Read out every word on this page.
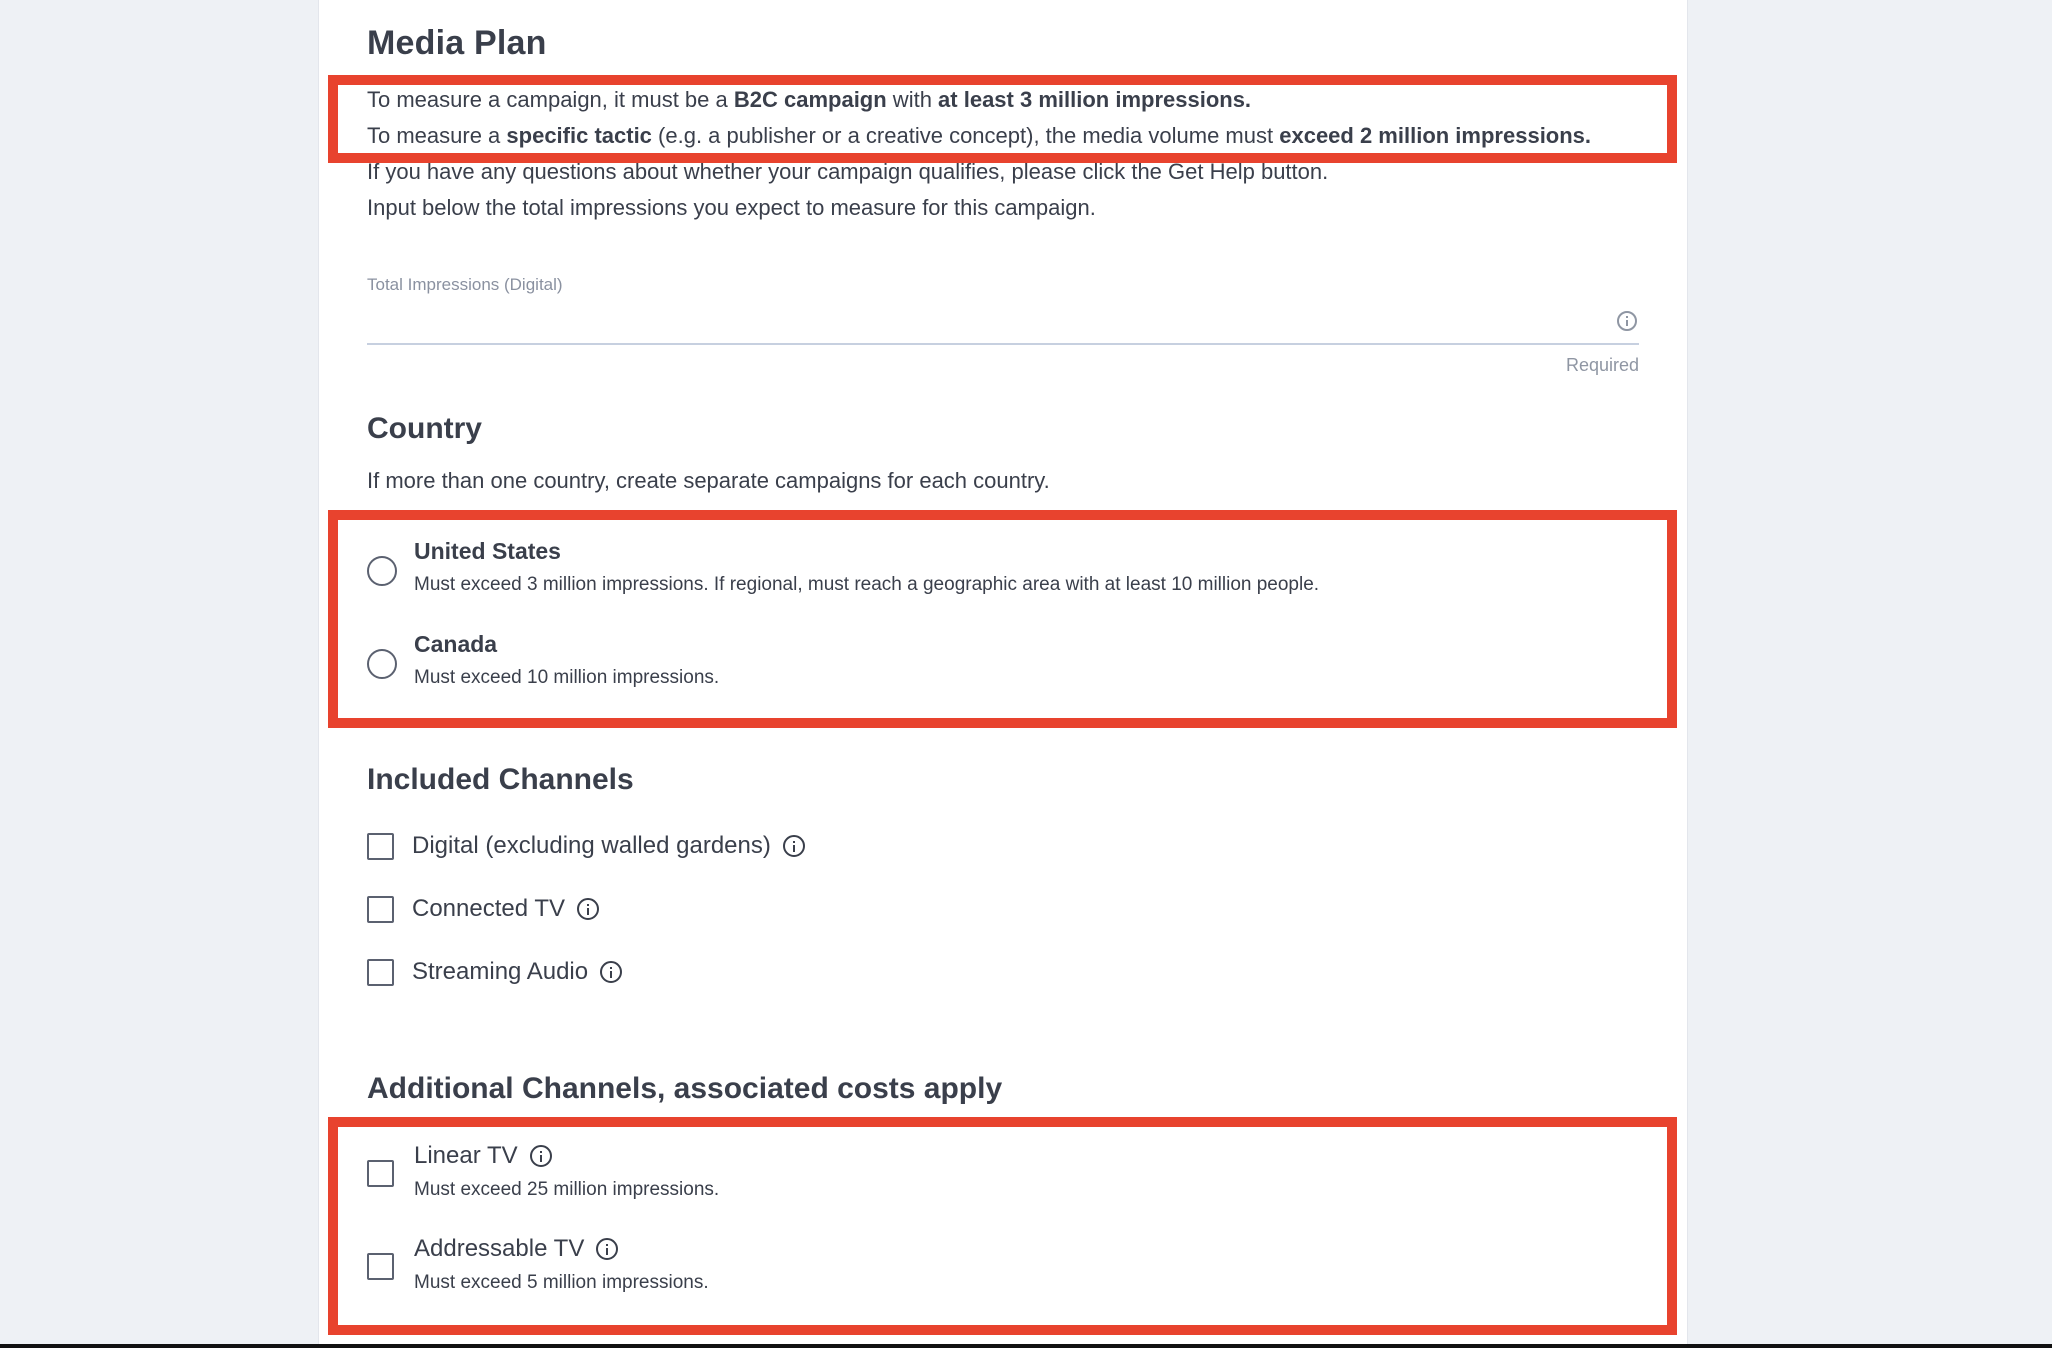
Media Plan
To measure a campaign, it must be a B2C campaign with at least 3 million impressions.
To measure a specific tactic (e.g. a publisher or a creative concept), the media volume must exceed 2 million impressions.
If you have any questions about whether your campaign qualifies, please click the Get Help button.
Input below the total impressions you expect to measure for this campaign.
Total Impressions (Digital)
Required
Country
If more than one country, create separate campaigns for each country.
United States
Must exceed 3 million impressions. If regional, must reach a geographic area with at least 10 million people.
Canada
Must exceed 10 million impressions.
Included Channels
Digital (excluding walled gardens)
Connected TV
Streaming Audio
Additional Channels, associated costs apply
Linear TV
Must exceed 25 million impressions.
Addressable TV
Must exceed 5 million impressions.
